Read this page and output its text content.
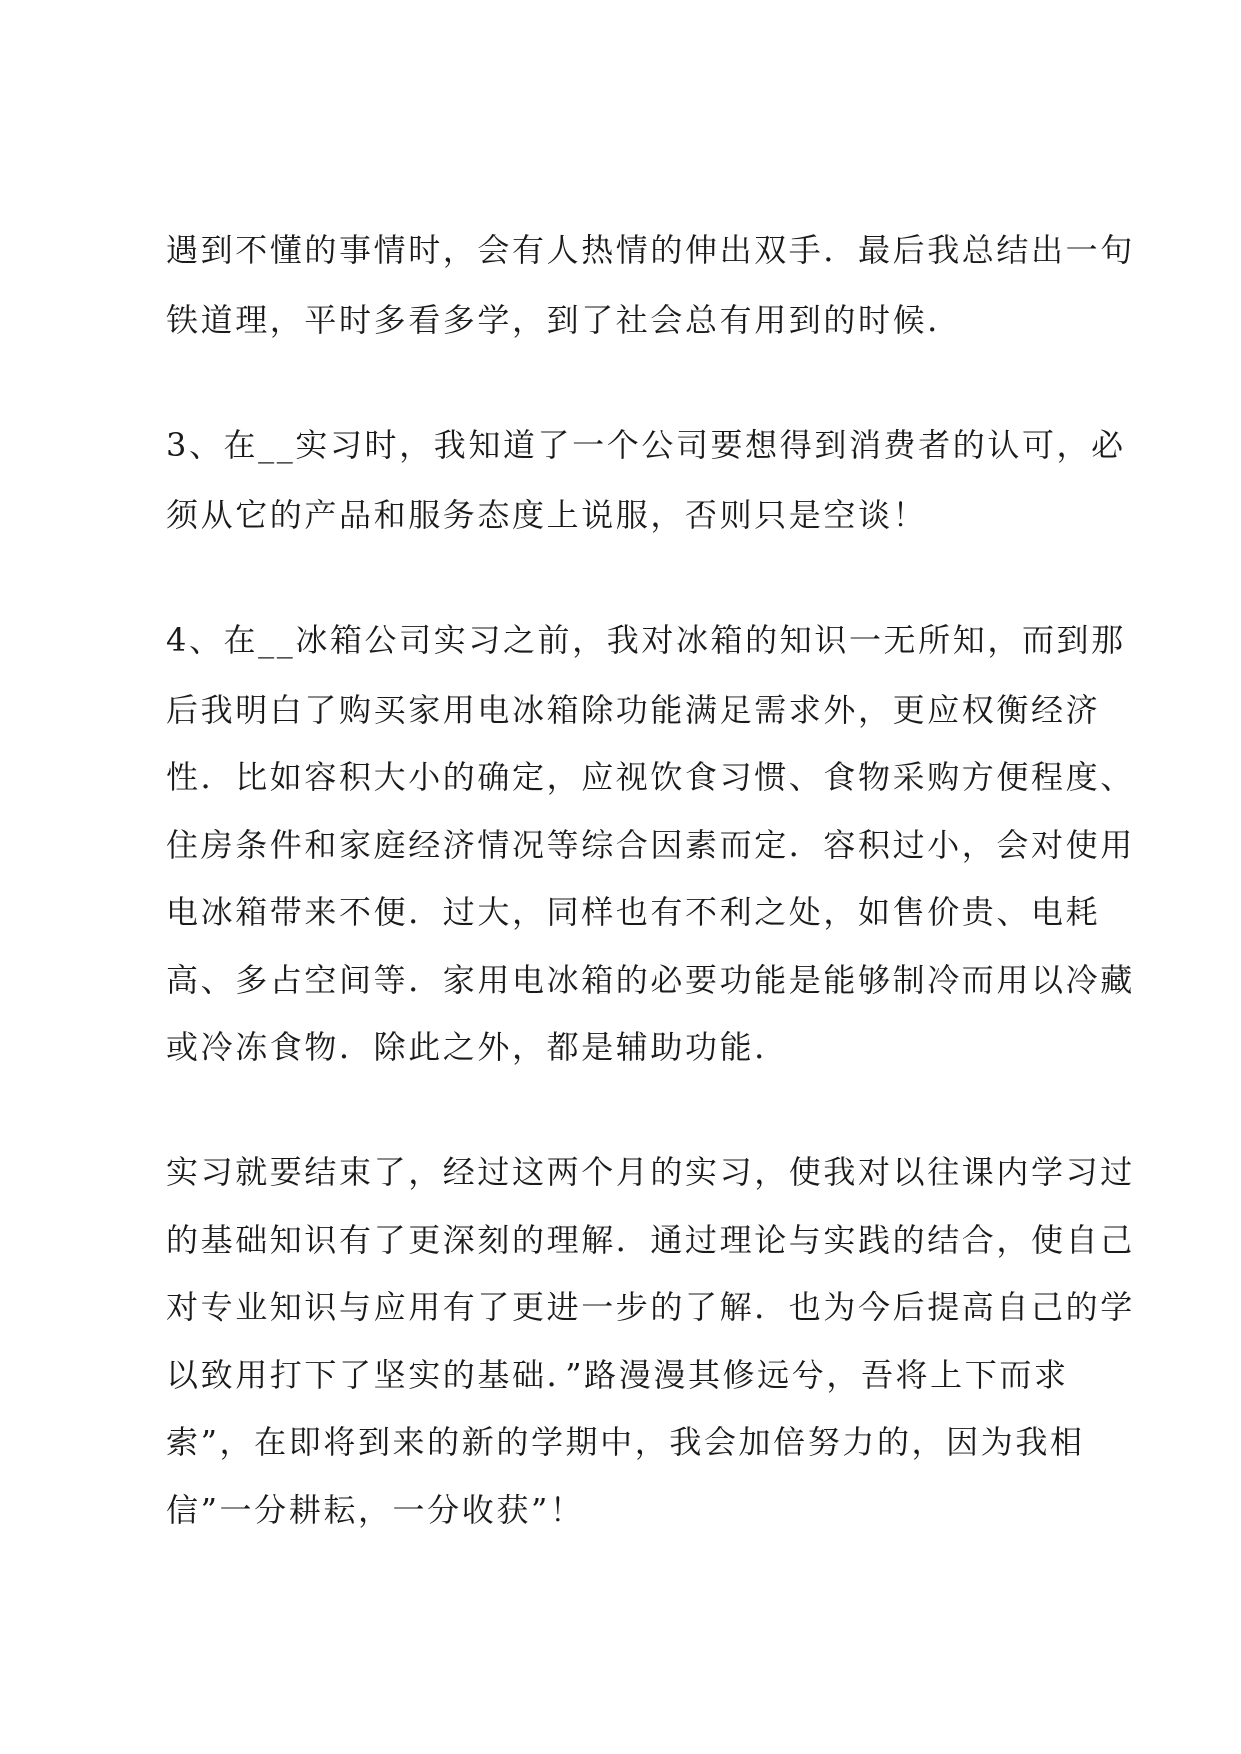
遇到不懂的事情时，会有人热情的伸出双手．最后我总结出一句
铁道理，平时多看多学，到了社会总有用到的时候．
3、在__实习时，我知道了一个公司要想得到消费者的认可，必
须从它的产品和服务态度上说服，否则只是空谈！
4、在__冰箱公司实习之前，我对冰箱的知识一无所知，而到那
后我明白了购买家用电冰箱除功能满足需求外，更应权衡经济
性．比如容积大小的确定，应视饮食习惯、食物采购方便程度、
住房条件和家庭经济情况等综合因素而定．容积过小，会对使用
电冰箱带来不便．过大，同样也有不利之处，如售价贵、电耗
高、多占空间等．家用电冰箱的必要功能是能够制冷而用以冷藏
或冷冻食物．除此之外，都是辅助功能．
实习就要结束了，经过这两个月的实习，使我对以往课内学习过
的基础知识有了更深刻的理解．通过理论与实践的结合，使自己
对专业知识与应用有了更进一步的了解．也为今后提高自己的学
以致用打下了坚实的基础．”路漫漫其修远兮，吾将上下而求
索”，在即将到来的新的学期中，我会加倍努力的，因为我相
信”一分耕耘，一分收获”！
